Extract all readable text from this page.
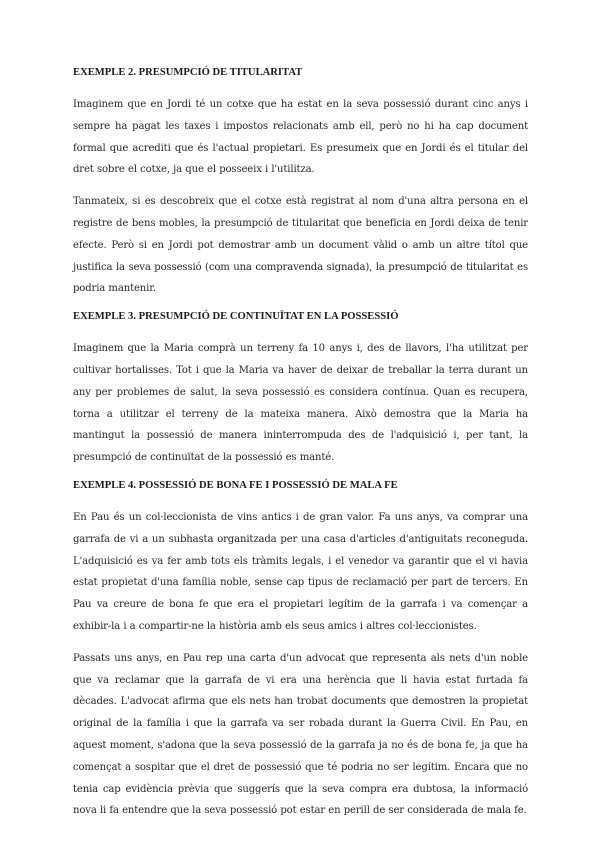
EXEMPLE 2. PRESUMPCIÓ DE TITULARITAT

Imaginem que en Jordi té un cotxe que ha estat en la seva possessió durant cinc anys i sempre ha pagat les taxes i impostos relacionats amb ell, però no hi ha cap document formal que acrediti que és l'actual propietari. Es presumeix que en Jordi és el titular del dret sobre el cotxe, ja que el posseeix i l'utilitza.

Tanmateix, si es descobreix que el cotxe està registrat al nom d'una altra persona en el registre de bens mobles, la presumpció de titularitat que beneficia en Jordi deixa de tenir efecte. Però si en Jordi pot demostrar amb un document vàlid o amb un altre títol que justifica la seva possessió (com una compravenda signada), la presumpció de titularitat es podria mantenir.

EXEMPLE 3. PRESUMPCIÓ DE CONTINUÏTAT EN LA POSSESSIÓ

Imaginem que la Maria comprà un terreny fa 10 anys i, des de llavors, l'ha utilitzat per cultivar hortalisses. Tot i que la Maria va haver de deixar de treballar la terra durant un any per problemes de salut, la seva possessió es considera contínua. Quan es recupera, torna a utilitzar el terreny de la mateixa manera. Això demostra que la Maria ha mantingut la possessió de manera ininterrompuda des de l'adquisició i, per tant, la presumpció de continuïtat de la possessió es manté.

EXEMPLE 4. POSSESSIÓ DE BONA FE I POSSESSIÓ DE MALA FE

En Pau és un col·leccionista de vins antics i de gran valor. Fa uns anys, va comprar una garrafa de vi a un subhasta organitzada per una casa d'articles d'antiguitats reconeguda. L'adquisició es va fer amb tots els tràmits legals, i el venedor va garantir que el vi havia estat propietat d'una família noble, sense cap tipus de reclamació per part de tercers. En Pau va creure de bona fe que era el propietari legítim de la garrafa i va començar a exhibir-la i a compartir-ne la història amb els seus amics i altres col·leccionistes.

Passats uns anys, en Pau rep una carta d'un advocat que representa als nets d'un noble que va reclamar que la garrafa de vi era una herència que li havia estat furtada fa dècades. L'advocat afirma que els nets han trobat documents que demostren la propietat original de la família i que la garrafa va ser robada durant la Guerra Civil. En Pau, en aquest moment, s'adona que la seva possessió de la garrafa ja no és de bona fe, ja que ha començat a sospitar que el dret de possessió que té podria no ser legítim. Encara que no tenia cap evidència prèvia que suggerís que la seva compra era dubtosa, la informació nova li fa entendre que la seva possessió pot estar en perill de ser considerada de mala fe.
